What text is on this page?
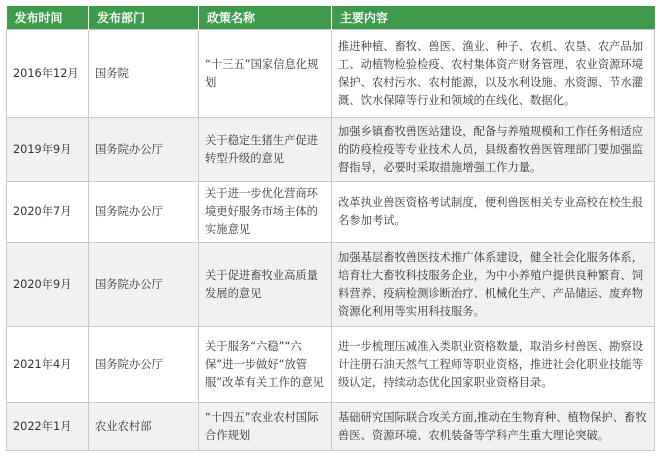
发布时间	发布部门	政策名称	主要内容
2016年12月	国务院	“十三五”国家信息化规划	推进种植、畜牧、兽医、渔业、种子、农机、农垦、农产品加工、动植物检验检疫、农村集体资产财务管理、农业资源环境保护、农村污水、农村能源，以及水利设施、水资源、节水灌溉、饮水保障等行业和领域的在线化、数据化。
2019年9月	国务院办公厅	关于稳定生猪生产促进转型升级的意见	加强乡镇畜牧兽医站建设，配备与养殖规模和工作任务相适应的防疫检疫等专业技术人员，县级畜牧兽医管理部门要加强监督指导，必要时采取措施增强工作力量。
2020年7月	国务院办公厅	关于进一步优化营商环境更好服务市场主体的实施意见	改革执业兽医资格考试制度，便利兽医相关专业高校在校生报名参加考试。
2020年9月	国务院办公厅	关于促进畜牧业高质量发展的意见	加强基层畜牧兽医技术推广体系建设，健全社会化服务体系，培育壮大畜牧科技服务企业，为中小养殖户提供良种繁育、饲料营养、疫病检测诊断治疗、机械化生产、产品储运、废弃物资源化利用等实用科技服务。
2021年4月	国务院办公厅	关于服务“六稳”“六保”进一步做好“放管服”改革有关工作的意见	进一步梳理压减准入类职业资格数量，取消乡村兽医、勘察设计注册石油天然气工程师等职业资格，推进社会化职业技能等级认定，持续动态优化国家职业资格目录。
2022年1月	农业农村部	“十四五”农业农村国际合作规划	基础研究国际联合攻关方面,推动在生物育种、植物保护、畜牧兽医、资源环境、农机装备等学科产生重大理论突破。
